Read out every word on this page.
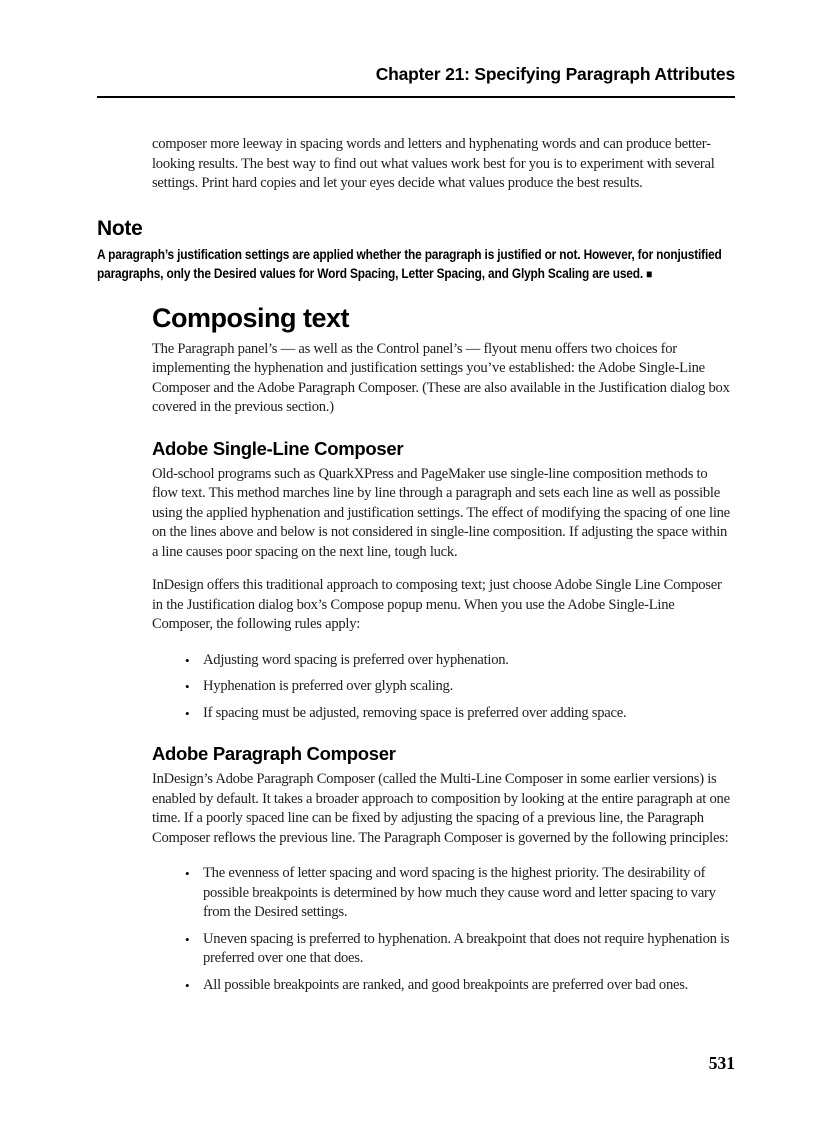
Chapter 21: Specifying Paragraph Attributes

composer more leeway in spacing words and letters and hyphenating words and can produce better-looking results. The best way to find out what values work best for you is to experiment with several settings. Print hard copies and let your eyes decide what values produce the best results.

Note

A paragraph’s justification settings are applied whether the paragraph is justified or not. However, for nonjustified paragraphs, only the Desired values for Word Spacing, Letter Spacing, and Glyph Scaling are used. ■

Composing text

The Paragraph panel’s — as well as the Control panel’s — flyout menu offers two choices for implementing the hyphenation and justification settings you’ve established: the Adobe Single-Line Composer and the Adobe Paragraph Composer. (These are also available in the Justification dialog box covered in the previous section.)

Adobe Single-Line Composer

Old-school programs such as QuarkXPress and PageMaker use single-line composition methods to flow text. This method marches line by line through a paragraph and sets each line as well as possible using the applied hyphenation and justification settings. The effect of modifying the spacing of one line on the lines above and below is not considered in single-line composition. If adjusting the space within a line causes poor spacing on the next line, tough luck.

InDesign offers this traditional approach to composing text; just choose Adobe Single Line Composer in the Justification dialog box’s Compose popup menu. When you use the Adobe Single-Line Composer, the following rules apply:

• Adjusting word spacing is preferred over hyphenation.
• Hyphenation is preferred over glyph scaling.
• If spacing must be adjusted, removing space is preferred over adding space.
Adobe Paragraph Composer

InDesign’s Adobe Paragraph Composer (called the Multi-Line Composer in some earlier versions) is enabled by default. It takes a broader approach to composition by looking at the entire paragraph at one time. If a poorly spaced line can be fixed by adjusting the spacing of a previous line, the Paragraph Composer reflows the previous line. The Paragraph Composer is governed by the following principles:

• The evenness of letter spacing and word spacing is the highest priority. The desirability of possible breakpoints is determined by how much they cause word and letter spacing to vary from the Desired settings.
• Uneven spacing is preferred to hyphenation. A breakpoint that does not require hyphenation is preferred over one that does.
• All possible breakpoints are ranked, and good breakpoints are preferred over bad ones.
531
